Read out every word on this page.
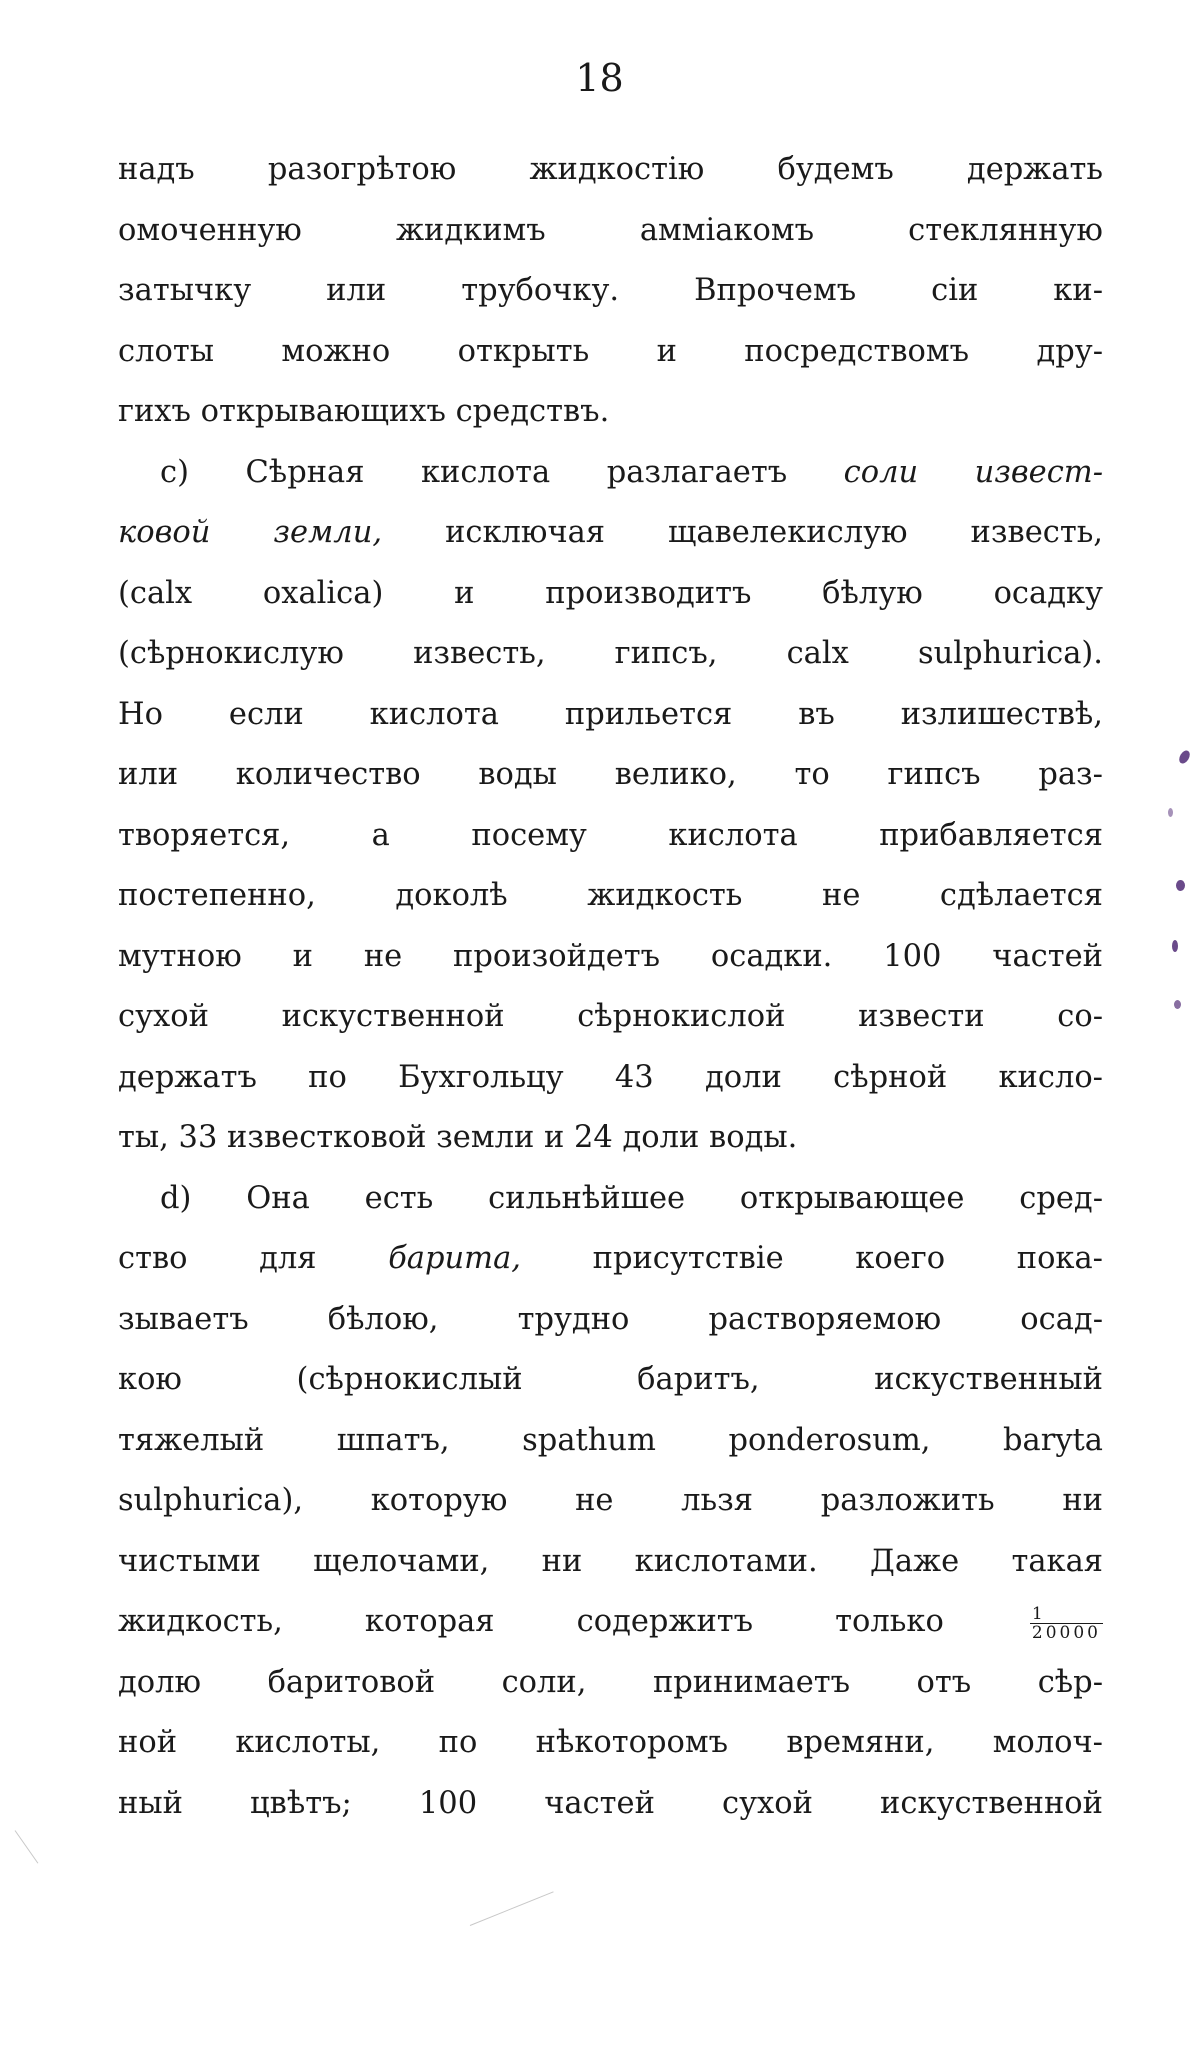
18
надъ разогрѣтою жидкостію будемъ держать
омоченную жидкимъ амміакомъ стеклянную
затычку или трубочку. Впрочемъ сіи ки-
слоты можно открыть и посредствомъ дру-
гихъ открывающихъ средствъ.
c) Сѣрная кислота разлагаетъ соли извест-
ковой земли, исключая щавелекислую известь,
(calx oxalica) и производитъ бѣлую осадку
(сѣрнокислую известь, гипсъ, calx sulphurica).
Но если кислота прильется въ излишествѣ,
или количество воды велико, то гипсъ раз-
творяется, а посему кислота прибавляется
постепенно, доколѣ жидкость не сдѣлается
мутною и не произойдетъ осадки. 100 частей
сухой искуственной сѣрнокислой извести со-
держатъ по Бухгольцу 43 доли сѣрной кисло-
ты, 33 известковой земли и 24 доли воды.
d) Она есть сильнѣйшее открывающее сред-
ство для барита, присутствіе коего пока-
зываетъ бѣлою, трудно растворяемою осад-
кою (сѣрнокислый баритъ, искуственный
тяжелый шпатъ, spathum ponderosum, baryta
sulphurica), которую не льзя разложить ни
чистыми щелочами, ни кислотами. Даже такая
жидкость, которая содержитъ только	$\frac{1}{20000}$
долю баритовой соли, принимаетъ отъ сѣр-
ной кислоты, по нѣкоторомъ времяни, молоч-
ный цвѣтъ; 100 частей сухой искуственной
